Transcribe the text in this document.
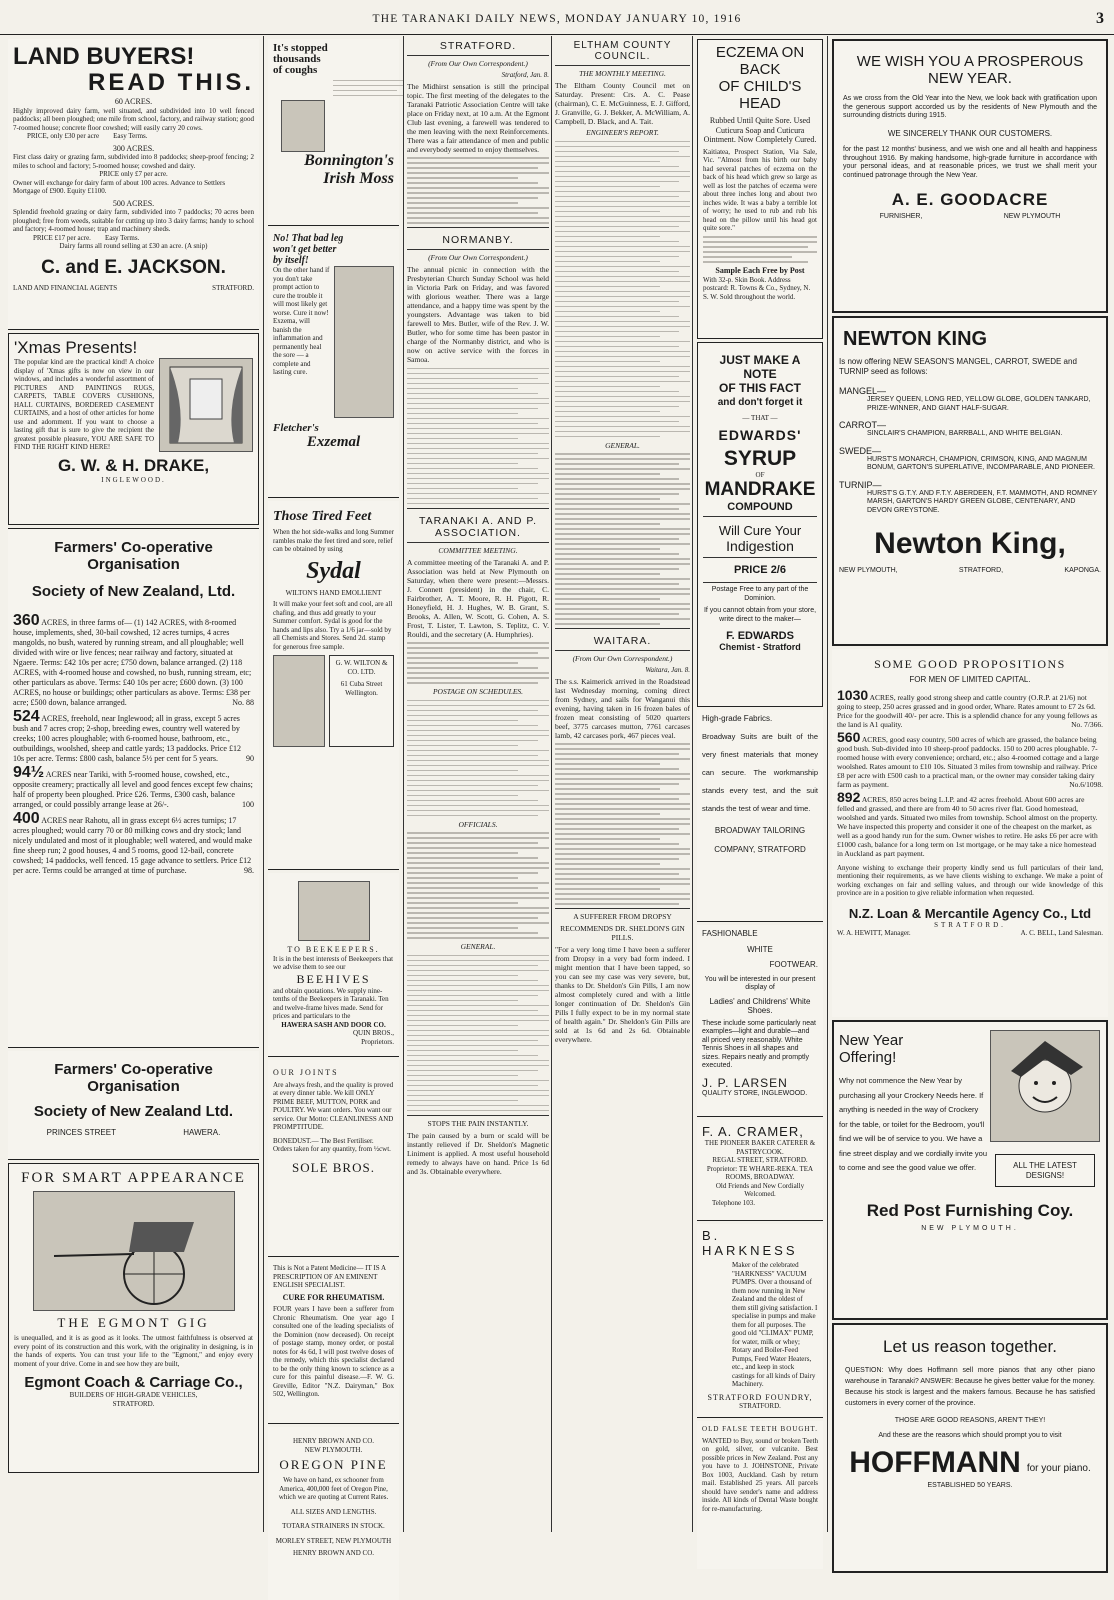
THE TARANAKI DAILY NEWS, MONDAY JANUARY 10, 1916	3
LAND BUYERS!
READ THIS.
60 ACRES.
Highly improved dairy farm, well situated, and subdivided into 10 well fenced paddocks; all been ploughed; one mile from school, factory, and railway station; good 7-roomed house; concrete floor cowshed; will easily carry 20 cows.
PRICE, only £30 per acre Easy Terms.
300 ACRES.
First class dairy or grazing farm, subdivided into 8 paddocks; sheep-proof fencing; 2 miles to school and factory; 5-roomed house; cowshed and dairy.
PRICE only £7 per acre.
Owner will exchange for dairy farm of about 100 acres. Advance to Settlers Mortgage of £900. Equity £1100.
500 ACRES.
Splendid freehold grazing or dairy farm, subdivided into 7 paddocks; 70 acres been ploughed; free from weeds, suitable for cutting up into 3 dairy farms; handy to school and factory; 4-roomed house; trap and machinery sheds.
PRICE £17 per acre.        Easy Terms.
Dairy farms all round selling at £30 an acre. (A snip)
C. and E. JACKSON.
LAND AND FINANCIAL AGENTS	STRATFORD.
'Xmas Presents!
The popular kind are the practical kind! A choice display of 'Xmas gifts is now on view in our windows, and includes a wonderful assortment of PICTURES AND PAINTINGS RUGS, CARPETS, TABLE COVERS CUSHIONS, HALL CURTAINS, BORDERED CASEMENT CURTAINS, and a host of other articles for home use and adornment. If you want to choose a lasting gift that is sure to give the recipient the greatest possible pleasure, YOU ARE SAFE TO FIND THE RIGHT KIND HERE!
G. W. & H. DRAKE,
INGLEWOOD.
Farmers' Co-operative Organisation
Society of New Zealand, Ltd.
360 ACRES, in three farms of— (1) 142 ACRES, with 8-roomed house, implements, shed, 30-bail cowshed, 12 acres turnips, 4 acres mangolds, no bush, watered by running stream, and all ploughable; well divided with wire or live fences; near railway and factory, situated at Ngaere. Terms: £42 10s per acre; £750 down, balance arranged. (2) 118 ACRES, with 4-roomed house and cowshed, no bush, running stream, etc; other particulars as above. Terms: £40 10s per acre; £600 down. (3) 100 ACRES, no house or buildings; other particulars as above. Terms: £38 per acre; £500 down, balance arranged.	No. 88
524 ACRES, freehold, near Inglewood; all in grass, except 5 acres bush and 7 acres crop; 2-shop, breeding ewes, country well watered by creeks; 100 acres ploughable; with 6-roomed house, bathroom, etc., outbuildings, woolshed, sheep and cattle yards; 13 paddocks. Price £12 10s per acre. Terms: £800 cash, balance 5½ per cent for 5 years.	90
94½ ACRES near Tariki, with 5-roomed house, cowshed, etc., opposite creamery; practically all level and good fences except few chains; half of property been ploughed. Price £26. Terms, £300 cash, balance arranged, or could possibly arrange lease at 26/-.	100
400 ACRES near Rahotu, all in grass except 6½ acres turnips; 17 acres ploughed; would carry 70 or 80 milking cows and dry stock; land nicely undulated and most of it ploughable; well watered, and would make fine sheep run; 2 good houses, 4 and 5 rooms, good 12-bail, concrete cowshed; 14 paddocks, well fenced. 15 gage advance to settlers. Price £12 per acre. Terms could be arranged at time of purchase.	98.
Farmers' Co-operative Organisation
Society of New Zealand Ltd.
PRINCES STREET	HAWERA.
FOR SMART APPEARANCE
THE EGMONT GIG
is unequalled, and it is as good as it looks. The utmost faithfulness is observed at every point of its construction and this work, with the originality in designing, is in the hands of experts. You can trust your life to the "Egmont," and enjoy every moment of your drive. Come in and see how they are built,
Egmont Coach & Carriage Co.,
BUILDERS OF HIGH-GRADE VEHICLES,
STRATFORD.
It's stopped
thousands
of coughs
Bonnington's
Irish Moss
No! That bad leg
won't get better
by itself!
On the other hand if you don't take prompt action to cure the trouble it will most likely get worse. Cure it now! Exzema, will banish the inflammation and permanently heal the sore — a complete and lasting cure.
Fletcher's
Exzemal
Those Tired Feet
When the hot side-walks and long Summer rambles make the feet tired and sore, relief can be obtained by using
Sydal
WILTON'S HAND EMOLLIENT
It will make your feet soft and cool, are all chafing, and thus add greatly to your Summer comfort. Sydal is good for the hands and lips also. Try a 1/6 jar—sold by all Chemists and Stores. Send 2d. stamp for generous free sample.
G. W. WILTON & CO. LTD.
61 Cuba Street Wellington.
TO BEEKEEPERS.
It is in the best interests of Beekeepers that we advise them to see our
BEEHIVES
and obtain quotations. We supply nine-tenths of the Beekeepers in Taranaki. Ten and twelve-frame hives made. Send for prices and particulars to the
HAWERA SASH AND DOOR CO.
QUIN BROS.,
Proprietors.
OUR JOINTS
Are always fresh, and the quality is proved at every dinner table. We kill ONLY PRIME BEEF, MUTTON, PORK and POULTRY. We want orders. You want our service. Our Motto: CLEANLINESS AND PROMPTITUDE.
BONEDUST.— The Best Fertiliser. Orders taken for any quantity, from ½cwt.
SOLE BROS.
This is Not a Patent Medicine— IT IS A PRESCRIPTION OF AN EMINENT ENGLISH SPECIALIST.
CURE FOR RHEUMATISM.
FOUR years I have been a sufferer from Chronic Rheumatism. One year ago I consulted one of the leading specialists of the Dominion (now deceased). On receipt of postage stamp, money order, or postal notes for 4s 6d, I will post twelve doses of the remedy, which this specialist declared to be the only thing known to science as a cure for this painful disease.—F. W. G. Greville, Editor "N.Z. Dairyman," Box 502, Wellington.
HENRY BROWN AND CO.
NEW PLYMOUTH.
OREGON PINE
We have on hand, ex schooner from America, 400,000 feet of Oregon Pine, which we are quoting at Current Rates.
ALL SIZES AND LENGTHS.
TOTARA STRAINERS IN STOCK.
MORLEY STREET, NEW PLYMOUTH
HENRY BROWN AND CO.
STRATFORD.
(From Our Own Correspondent.)
Stratford, Jan. 8.
The Midhirst sensation is still the principal topic. The first meeting of the delegates to the Taranaki Patriotic Association Centre will take place on Friday next, at 10 a.m. At the Egmont Club last evening, a farewell was tendered to the men leaving with the next Reinforcements. There was a fair attendance of men and public and everybody seemed to enjoy themselves.
NORMANBY.
(From Our Own Correspondent.)
The annual picnic in connection with the Presbyterian Church Sunday School was held in Victoria Park on Friday, and was favored with glorious weather. There was a large attendance, and a happy time was spent by the youngsters. Advantage was taken to bid farewell to Mrs. Butler, wife of the Rev. J. W. Butler, who for some time has been pastor in charge of the Normanby district, and who is now on active service with the forces in Samoa.
TARANAKI A. AND P. ASSOCIATION.
COMMITTEE MEETING.
A committee meeting of the Taranaki A. and P. Association was held at New Plymouth on Saturday, when there were present:—Messrs. J. Connett (president) in the chair, C. Fairbrother, A. T. Moore, R. H. Pigott, R. Honeyfield, H. J. Hughes, W. B. Grant, S. Brooks, A. Allen, W. Scott, G. Cohen, A. S. Frost, T. Lister, T. Lawton, S. Teplitz, C. V. Rouldi, and the secretary (A. Humphries).
POSTAGE ON SCHEDULES.
OFFICIALS.
GENERAL.
STOPS THE PAIN INSTANTLY.
The pain caused by a burn or scald will be instantly relieved if Dr. Sheldon's Magnetic Liniment is applied. A most useful household remedy to always have on hand. Price 1s 6d and 3s. Obtainable everywhere.
ELTHAM COUNTY COUNCIL.
THE MONTHLY MEETING.
The Eltham County Council met on Saturday. Present: Crs. A. C. Pease (chairman), C. E. McGuinness, E. J. Gifford, J. Granville, G. J. Bekker, A. McWilliam, A. Campbell, D. Black, and A. Tait.
ENGINEER'S REPORT.
GENERAL.
WAITARA.
(From Our Own Correspondent.)
Waitara, Jan. 8.
The s.s. Kaimerick arrived in the Roadstead last Wednesday morning, coming direct from Sydney, and sails for Wanganui this evening, having taken in 16 frozen bales of frozen meat consisting of 5020 quarters beef, 3775 carcases mutton, 7761 carcases lamb, 42 carcases pork, 467 pieces veal.
A SUFFERER FROM DROPSY
RECOMMENDS DR. SHELDON'S GIN PILLS.
"For a very long time I have been a sufferer from Dropsy in a very bad form indeed. I might mention that I have been tapped, so you can see my case was very severe, but, thanks to Dr. Sheldon's Gin Pills, I am now almost completely cured and with a little longer continuation of Dr. Sheldon's Gin Pills I fully expect to be in my normal state of health again." Dr. Sheldon's Gin Pills are sold at 1s 6d and 2s 6d. Obtainable everywhere.
ECZEMA ON BACK
OF CHILD'S HEAD
Rubbed Until Quite Sore. Used Cuticura Soap and Cuticura Ointment. Now Completely Cured.
Kaitiatea, Prospect Station, Via Sale, Vic. "Almost from his birth our baby had several patches of eczema on the back of his head which grew so large as well as lost the patches of eczema were about three inches long and about two inches wide. It was a baby a terrible lot of worry; he used to rub and rub his head on the pillow until his head got quite sore."
Sample Each Free by Post
With 32-p. Skin Book. Address postcard: R. Towns & Co., Sydney, N. S. W. Sold throughout the world.
JUST MAKE A NOTE
OF THIS FACT
and don't forget it
— THAT —
EDWARDS'
SYRUP
OF
MANDRAKE
COMPOUND
Will Cure Your
Indigestion
PRICE 2/6
Postage Free to any part of the Dominion.
If you cannot obtain from your store, write direct to the maker—
F. EDWARDS
Chemist - Stratford
High-grade Fabrics.
Broadway Suits are built of the very finest materials that money can secure. The workmanship stands every test, and the suit stands the test of wear and time.
BROADWAY TAILORING
COMPANY, STRATFORD
FASHIONABLE
WHITE
FOOTWEAR.
You will be interested in our present display of
Ladies' and Childrens' White Shoes.
These include some particularly neat examples—light and durable—and all priced very reasonably. White Tennis Shoes in all shapes and sizes. Repairs neatly and promptly executed.
J. P. LARSEN
QUALITY STORE, INGLEWOOD.
F. A. CRAMER,
THE PIONEER BAKER CATERER & PASTRYCOOK.
REGAL STREET, STRATFORD.
Proprietor: TE WHARE-REKA. TEA ROOMS, BROADWAY.
Old Friends and New Cordially Welcomed.
Telephone 103.
B. HARKNESS
Maker of the celebrated "HARKNESS" VACUUM PUMPS. Over a thousand of them now running in New Zealand and the oldest of them still giving satisfaction. I specialise in pumps and make them for all purposes. The good old "CLIMAX" PUMP, for water, milk or whey; Rotary and Boiler-Feed Pumps, Feed Water Heaters, etc., and keep in stock castings for all kinds of Dairy Machinery.
STRATFORD FOUNDRY,
STRATFORD.
OLD FALSE TEETH BOUGHT.
WANTED to Buy, sound or broken Teeth on gold, silver, or vulcanite. Best possible prices in New Zealand. Post any you have to J. JOHNSTONE, Private Box 1003, Auckland. Cash by return mail. Established 25 years. All parcels should have sender's name and address inside. All kinds of Dental Waste bought for re-manufacturing.
WE WISH YOU A PROSPEROUS
NEW YEAR.
As we cross from the Old Year into the New, we look back with gratification upon the generous support accorded us by the residents of New Plymouth and the surrounding districts during 1915.
WE SINCERELY THANK OUR CUSTOMERS.
for the past 12 months' business, and we wish one and all health and happiness throughout 1916. By making handsome, high-grade furniture in accordance with your personal ideas, and at reasonable prices, we trust we shall merit your continued patronage through the New Year.
A. E. GOODACRE
FURNISHER,	NEW PLYMOUTH
NEWTON KING
Is now offering NEW SEASON'S MANGEL, CARROT, SWEDE and TURNIP seed as follows:
MANGEL—
JERSEY QUEEN, LONG RED, YELLOW GLOBE, GOLDEN TANKARD, PRIZE-WINNER, AND GIANT HALF-SUGAR.
CARROT—
SINCLAIR'S CHAMPION, BARRBALL, AND WHITE BELGIAN.
SWEDE—
HURST'S MONARCH, CHAMPION, CRIMSON, KING, AND MAGNUM BONUM, GARTON'S SUPERLATIVE, INCOMPARABLE, AND PIONEER.
TURNIP—
HURST'S G.T.Y. AND F.T.Y. ABERDEEN, F.T. MAMMOTH, AND ROMNEY MARSH, GARTON'S HARDY GREEN GLOBE, CENTENARY, AND DEVON GREYSTONE.
Newton King,
NEW PLYMOUTH,	STRATFORD,	KAPONGA.
SOME GOOD PROPOSITIONS
FOR MEN OF LIMITED CAPITAL.
1030 ACRES, really good strong sheep and cattle country (O.R.P. at 21/6) not going to steep, 250 acres grassed and in good order, Whare. Rates amount to £7 2s 6d. Price for the goodwill 40/- per acre. This is a splendid chance for any young fellows as the land is A1 quality.	No. 7/366.
560 ACRES, good easy country, 500 acres of which are grassed, the balance being good bush. Sub-divided into 10 sheep-proof paddocks. 150 to 200 acres ploughable. 7-roomed house with every convenience; orchard, etc.; also 4-roomed cottage and a large woolshed. Rates amount to £10 10s. Situated 3 miles from township and railway. Price £8 per acre with £500 cash to a practical man, or the owner may consider taking dairy farm as payment.	No.6/1098.
892 ACRES, 850 acres being L.I.P. and 42 acres freehold. About 600 acres are felled and grassed, and there are from 40 to 50 acres river flat. Good homestead, woolshed and yards. Situated two miles from township. School almost on the property. We have inspected this property and consider it one of the cheapest on the market, as well as a good handy run for the sum. Owner wishes to retire. He asks £6 per acre with £1000 cash, balance for a long term on 1st mortgage, or he may take a nice homestead in Auckland as part payment.
Anyone wishing to exchange their property kindly send us full particulars of their land, mentioning their requirements, as we have clients wishing to exchange. We make a point of working exchanges on fair and selling values, and through our wide knowledge of this province are in a position to give reliable information when requested.
N.Z. Loan & Mercantile Agency Co., Ltd
STRATFORD.
W. A. HEWITT, Manager.	A. C. BELL, Land Salesman.
New Year
Offering!
Why not commence the New Year by purchasing all your Crockery Needs here. If anything is needed in the way of Crockery for the table, or toilet for the Bedroom, you'll find we will be of service to you. We have a fine street display and we cordially invite you to come and see the good value we offer.	ALL THE LATEST DESIGNS!
Red Post Furnishing Coy.
NEW PLYMOUTH.
Let us reason together.
QUESTION: Why does Hoffmann sell more pianos that any other piano warehouse in Taranaki? ANSWER: Because he gives better value for the money. Because his stock is largest and the makers famous. Because he has satisfied customers in every corner of the province.
THOSE ARE GOOD REASONS, AREN'T THEY!
And these are the reasons which should prompt you to visit
HOFFMANN for your piano.
ESTABLISHED 50 YEARS.
